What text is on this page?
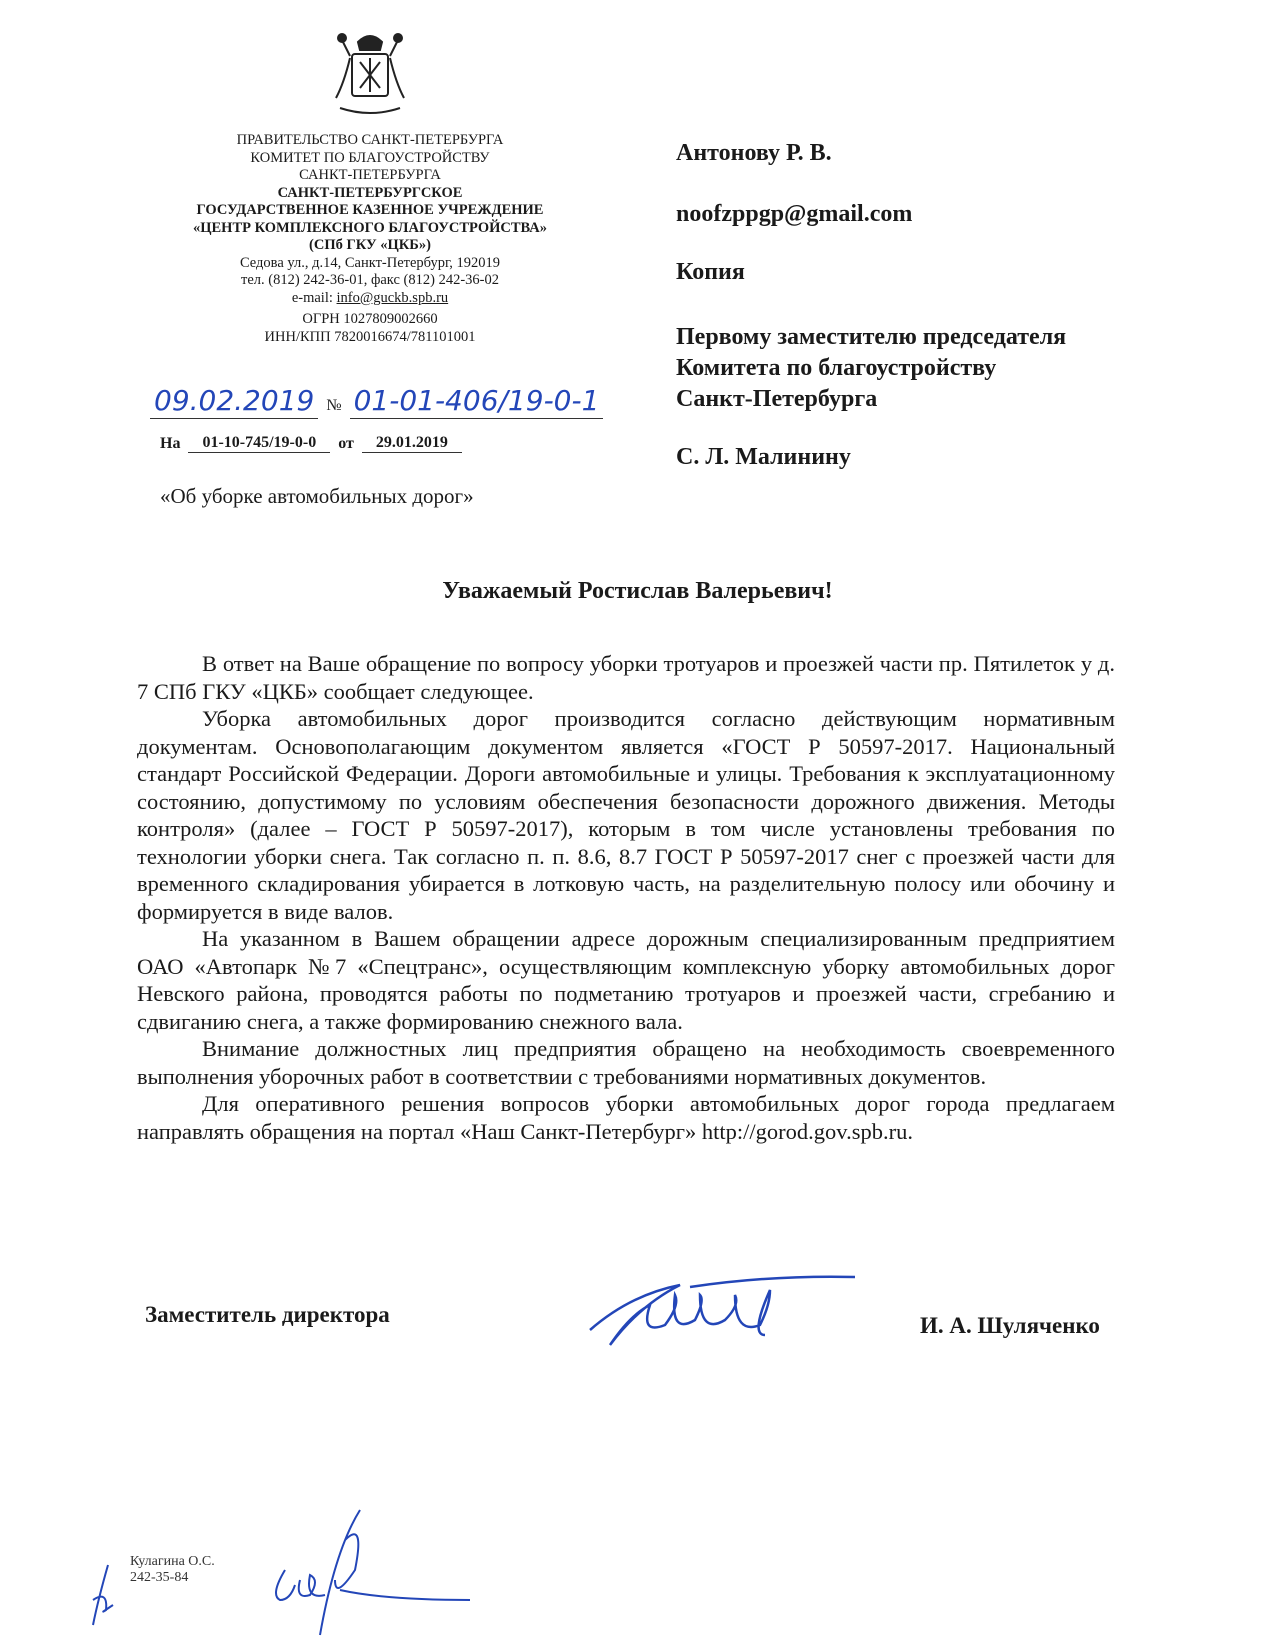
ПРАВИТЕЛЬСТВО САНКТ-ПЕТЕРБУРГА
КОМИТЕТ ПО БЛАГОУСТРОЙСТВУ
САНКТ-ПЕТЕРБУРГА
САНКТ-ПЕТЕРБУРГСКОЕ
ГОСУДАРСТВЕННОЕ КАЗЕННОЕ УЧРЕЖДЕНИЕ
«ЦЕНТР КОМПЛЕКСНОГО БЛАГОУСТРОЙСТВА»
(СПб ГКУ «ЦКБ»)
Седова ул., д.14, Санкт-Петербург, 192019
тел. (812) 242-36-01, факс (812) 242-36-02
e-mail: info@guckb.spb.ru
ОГРН 1027809002660
ИНН/КПП 7820016674/781101001
09.02.2019 № 01-01-406/19-0-1
На	01-10-745/19-0-0	от	29.01.2019
«Об уборке автомобильных дорог»
Антонову Р. В.
noofzppgp@gmail.com
Копия
Первому заместителю председателя
Комитета по благоустройству
Санкт-Петербурга
С. Л. Малинину
Уважаемый Ростислав Валерьевич!

В ответ на Ваше обращение по вопросу уборки тротуаров и проезжей части пр. Пятилеток у д. 7 СПб ГКУ «ЦКБ» сообщает следующее.

Уборка автомобильных дорог производится согласно действующим нормативным документам. Основополагающим документом является «ГОСТ Р 50597-2017. Национальный стандарт Российской Федерации. Дороги автомобильные и улицы. Требования к эксплуатационному состоянию, допустимому по условиям обеспечения безопасности дорожного движения. Методы контроля» (далее – ГОСТ Р 50597-2017), которым в том числе установлены требования по технологии уборки снега. Так согласно п. п. 8.6, 8.7 ГОСТ Р 50597-2017 снег с проезжей части для временного складирования убирается в лотковую часть, на разделительную полосу или обочину и формируется в виде валов.

На указанном в Вашем обращении адресе дорожным специализированным предприятием ОАО «Автопарк №7 «Спецтранс», осуществляющим комплексную уборку автомобильных дорог Невского района, проводятся работы по подметанию тротуаров и проезжей части, сгребанию и сдвиганию снега, а также формированию снежного вала.

Внимание должностных лиц предприятия обращено на необходимость своевременного выполнения уборочных работ в соответствии с требованиями нормативных документов.

Для оперативного решения вопросов уборки автомобильных дорог города предлагаем направлять обращения на портал «Наш Санкт-Петербург» http://gorod.gov.spb.ru.

Заместитель директора	И. А. Шуляченко
Кулагина О.С.
242-35-84
